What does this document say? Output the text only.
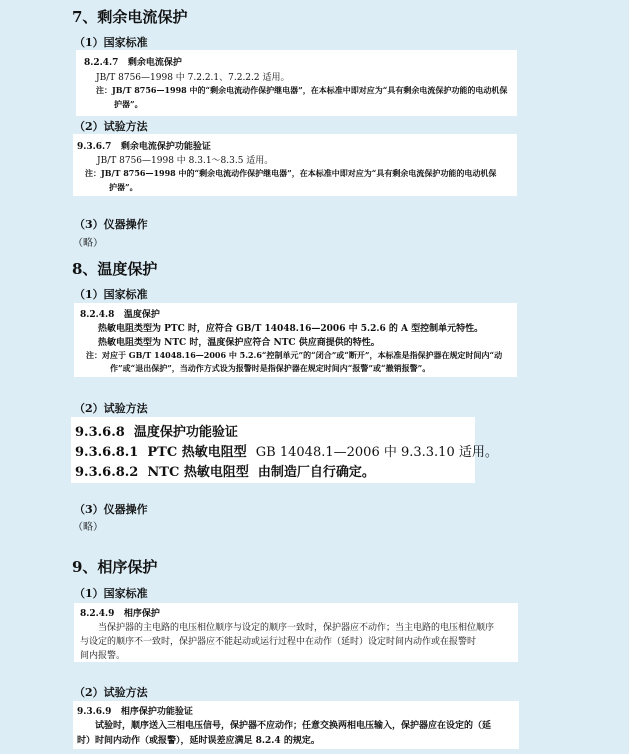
7、剩余电流保护
（1）国家标准
8.2.4.7 剩余电流保护
JB/T 8756—1998 中 7.2.2.1、7.2.2.2 适用。
注：JB/T 8756—1998 中的“剩余电流动作保护继电器”，在本标准中即对应为“具有剩余电流保护功能的电动机保
护器”。
（2）试验方法
9.3.6.7 剩余电流保护功能验证
JB/T 8756—1998 中 8.3.1～8.3.5 适用。
注：JB/T 8756—1998 中的“剩余电流动作保护继电器”，在本标准中即对应为“具有剩余电流保护功能的电动机保
护器”。
（3）仪器操作
（略）
8、温度保护
（1）国家标准
8.2.4.8 温度保护
热敏电阻类型为 PTC 时，应符合 GB/T 14048.16—2006 中 5.2.6 的 A 型控制单元特性。
热敏电阻类型为 NTC 时，温度保护应符合 NTC 供应商提供的特性。
注：对应于 GB/T 14048.16—2006 中 5.2.6“控制单元”的“闭合”或“断开”，本标准是指保护器在规定时间内“动
作”或“退出保护”，当动作方式设为报警时是指保护器在规定时间内“报警”或“撤销报警”。
（2）试验方法
9.3.6.8 温度保护功能验证
9.3.6.8.1 PTC 热敏电阻型 GB 14048.1—2006 中 9.3.3.10 适用。
9.3.6.8.2 NTC 热敏电阻型 由制造厂自行确定。
（3）仪器操作
（略）
9、相序保护
（1）国家标准
8.2.4.9 相序保护
当保护器的主电路的电压相位顺序与设定的顺序一致时，保护器应不动作；当主电路的电压相位顺序
与设定的顺序不一致时，保护器应不能起动或运行过程中在动作（延时）设定时间内动作或在报警时
间内报警。
（2）试验方法
9.3.6.9 相序保护功能验证
试验时，顺序送入三相电压信号，保护器不应动作；任意交换两相电压输入，保护器应在设定的（延
时）时间内动作（或报警），延时误差应满足 8.2.4 的规定。
